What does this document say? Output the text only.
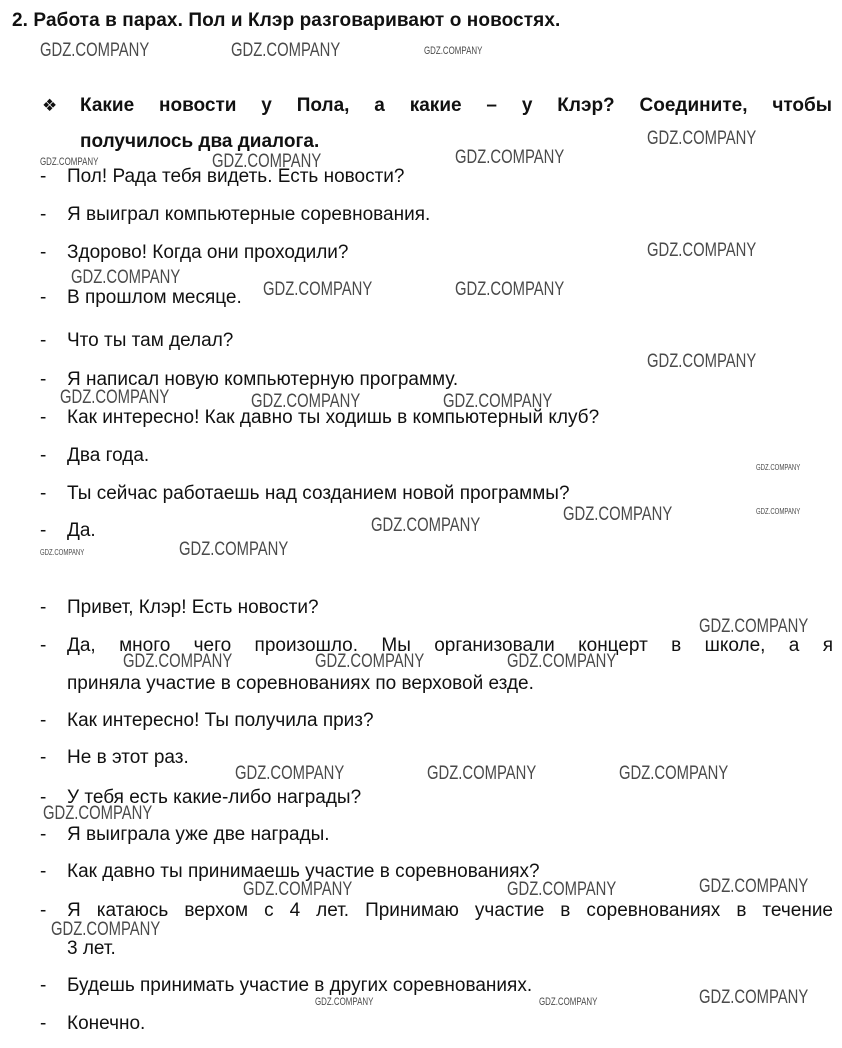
2. Работа в парах. Пол и Клэр разговаривают о новостях.
❖	Какие новости у Пола, а какие – у Клэр? Соедините, чтобы
получилось два диалога.
- Пол! Рада тебя видеть. Есть новости?
- Я выиграл компьютерные соревнования.
- Здорово! Когда они проходили?
- В прошлом месяце.
- Что ты там делал?
- Я написал новую компьютерную программу.
- Как интересно! Как давно ты ходишь в компьютерный клуб?
- Два года.
- Ты сейчас работаешь над созданием новой программы?
- Да.
- Привет, Клэр! Есть новости?
- Да, много чего произошло. Мы организовали концерт в школе, а я
приняла участие в соревнованиях по верховой езде.
- Как интересно! Ты получила приз?
- Не в этот раз.
- У тебя есть какие-либо награды?
- Я выиграла уже две награды.
- Как давно ты принимаешь участие в соревнованиях?
- Я катаюсь верхом с 4 лет. Принимаю участие в соревнованиях в течение
3 лет.
- Будешь принимать участие в других соревнованиях.
- Конечно.
GDZ.COMPANY	GDZ.COMPANY	GDZ.COMPANY
GDZ.COMPANY
GDZ.COMPANY	GDZ.COMPANY	GDZ.COMPANY
GDZ.COMPANY
GDZ.COMPANY
GDZ.COMPANY	GDZ.COMPANY
GDZ.COMPANY
GDZ.COMPANY	GDZ.COMPANY	GDZ.COMPANY
GDZ.COMPANY
GDZ.COMPANY
GDZ.COMPANY
GDZ.COMPANY
GDZ.COMPANY	GDZ.COMPANY
GDZ.COMPANY
GDZ.COMPANY	GDZ.COMPANY	GDZ.COMPANY
GDZ.COMPANY	GDZ.COMPANY	GDZ.COMPANY
GDZ.COMPANY
GDZ.COMPANY	GDZ.COMPANY	GDZ.COMPANY
GDZ.COMPANY
GDZ.COMPANY	GDZ.COMPANY	GDZ.COMPANY
